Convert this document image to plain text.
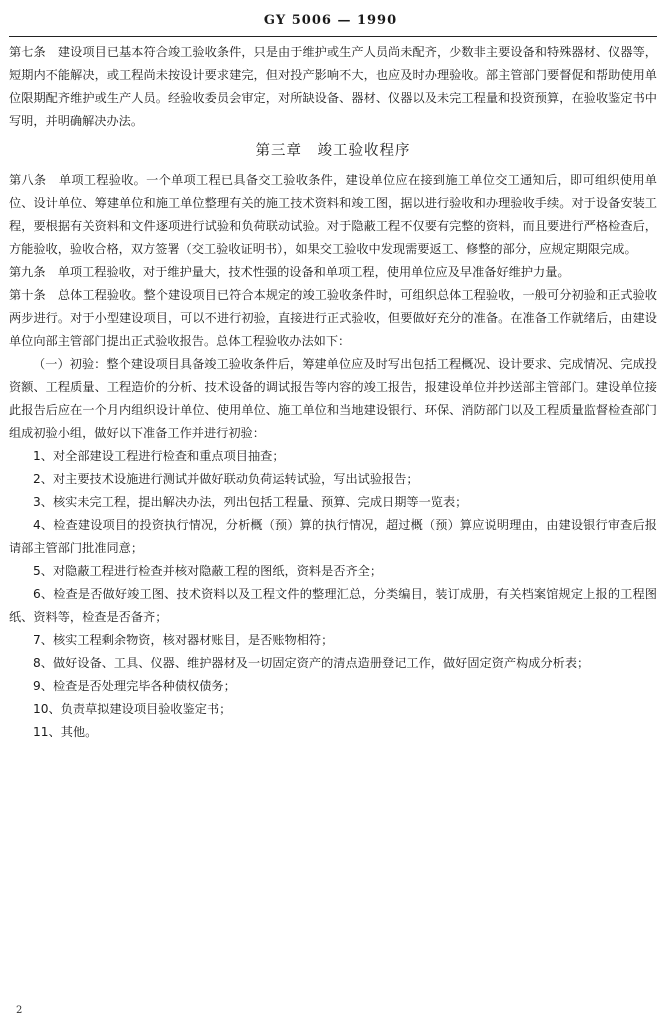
GY 5006 — 1990

第七条　建设项目已基本符合竣工验收条件，只是由于维护或生产人员尚未配齐，少数非主要设备和特殊器材、仪器等，短期内不能解决，或工程尚未按设计要求建完，但对投产影响不大，也应及时办理验收。部主管部门要督促和帮助使用单位限期配齐维护或生产人员。经验收委员会审定，对所缺设备、器材、仪器以及未完工程量和投资预算，在验收鉴定书中写明，并明确解决办法。

第三章　竣工验收程序

第八条　单项工程验收。一个单项工程已具备交工验收条件，建设单位应在接到施工单位交工通知后，即可组织使用单位、设计单位、筹建单位和施工单位整理有关的施工技术资料和竣工图，据以进行验收和办理验收手续。对于设备安装工程，要根据有关资料和文件逐项进行试验和负荷联动试验。对于隐蔽工程不仅要有完整的资料，而且要进行严格检查后，方能验收，验收合格，双方签署（交工验收证明书），如果交工验收中发现需要返工、修整的部分，应规定期限完成。

第九条　单项工程验收，对于维护量大，技术性强的设备和单项工程，使用单位应及早准备好维护力量。

第十条　总体工程验收。整个建设项目已符合本规定的竣工验收条件时，可组织总体工程验收，一般可分初验和正式验收两步进行。对于小型建设项目，可以不进行初验，直接进行正式验收，但要做好充分的准备。在准备工作就绪后，由建设单位向部主管部门提出正式验收报告。总体工程验收办法如下：

（一）初验：整个建设项目具备竣工验收条件后，筹建单位应及时写出包括工程概况、设计要求、完成情况、完成投资额、工程质量、工程造价的分析、技术设备的调试报告等内容的竣工报告，报建设单位并抄送部主管部门。建设单位接此报告后应在一个月内组织设计单位、使用单位、施工单位和当地建设银行、环保、消防部门以及工程质量监督检查部门组成初验小组，做好以下准备工作并进行初验：

1、对全部建设工程进行检查和重点项目抽查；

2、对主要技术设施进行测试并做好联动负荷运转试验，写出试验报告；

3、核实未完工程，提出解决办法，列出包括工程量、预算、完成日期等一览表；

4、检查建设项目的投资执行情况，分析概（预）算的执行情况，超过概（预）算应说明理由，由建设银行审查后报请部主管部门批准同意；

5、对隐蔽工程进行检查并核对隐蔽工程的图纸，资料是否齐全；

6、检查是否做好竣工图、技术资料以及工程文件的整理汇总，分类编目，装订成册，有关档案馆规定上报的工程图纸、资料等，检查是否备齐；

7、核实工程剩余物资，核对器材账目，是否账物相符；

8、做好设备、工具、仪器、维护器材及一切固定资产的清点造册登记工作，做好固定资产构成分析表；

9、检查是否处理完毕各种债权债务；

10、负责草拟建设项目验收鉴定书；

11、其他。

2
